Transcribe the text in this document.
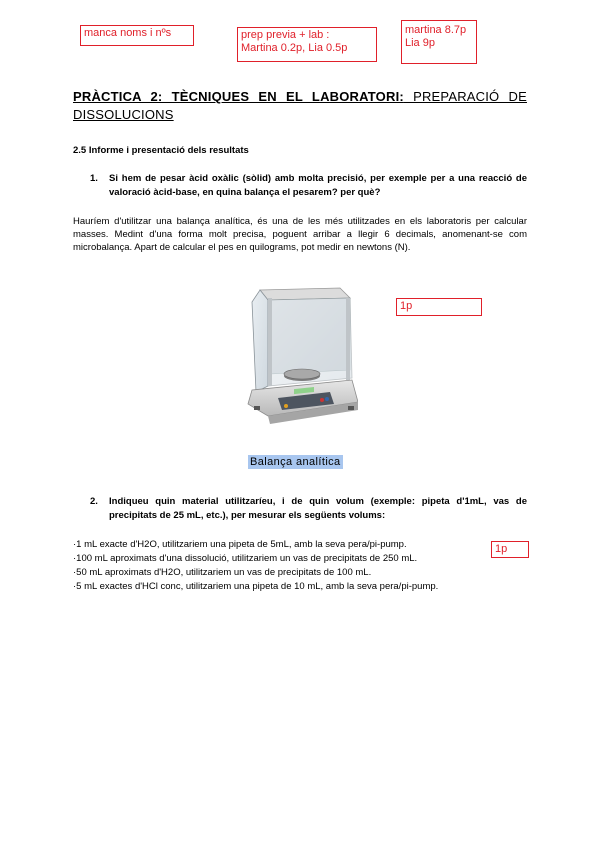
manca noms i nºs	prep previa + lab :
Martina 0.2p, Lia 0.5p
martina 8.7p
Lia 9p
PRÀCTICA 2: TÈCNIQUES EN EL LABORATORI: PREPARACIÓ DE DISSOLUCIONS
2.5 Informe i presentació dels resultats
1. Si hem de pesar àcid oxàlic (sòlid) amb molta precisió, per exemple per a una reacció de valoració àcid-base, en quina balança el pesarem? per què?
Hauríem d'utilitzar una balança analítica, és una de les més utilitzades en els laboratoris per calcular masses. Medint d'una forma molt precisa, poguent arribar a llegir 6 decimals, anomenant-se com microbalança. Apart de calcular el pes en quilograms, pot medir en newtons (N).
1p
Balança analítica
2. Indiqueu quin material utilitzaríeu, i de quin volum (exemple: pipeta d'1mL, vas de precipitats de 25 mL, etc.), per mesurar els següents volums:
·1 mL exacte d'H2O, utilitzariem una pipeta de 5mL, amb la seva pera/pi-pump.
·100 mL aproximats d'una dissolució, utilitzariem un vas de precipitats de 250 mL.
·50 mL aproximats d'H2O, utilitzariem un vas de precipitats de 100 mL.
·5 mL exactes d'HCl conc, utilitzariem una pipeta de 10 mL, amb la seva pera/pi-pump.
1p
